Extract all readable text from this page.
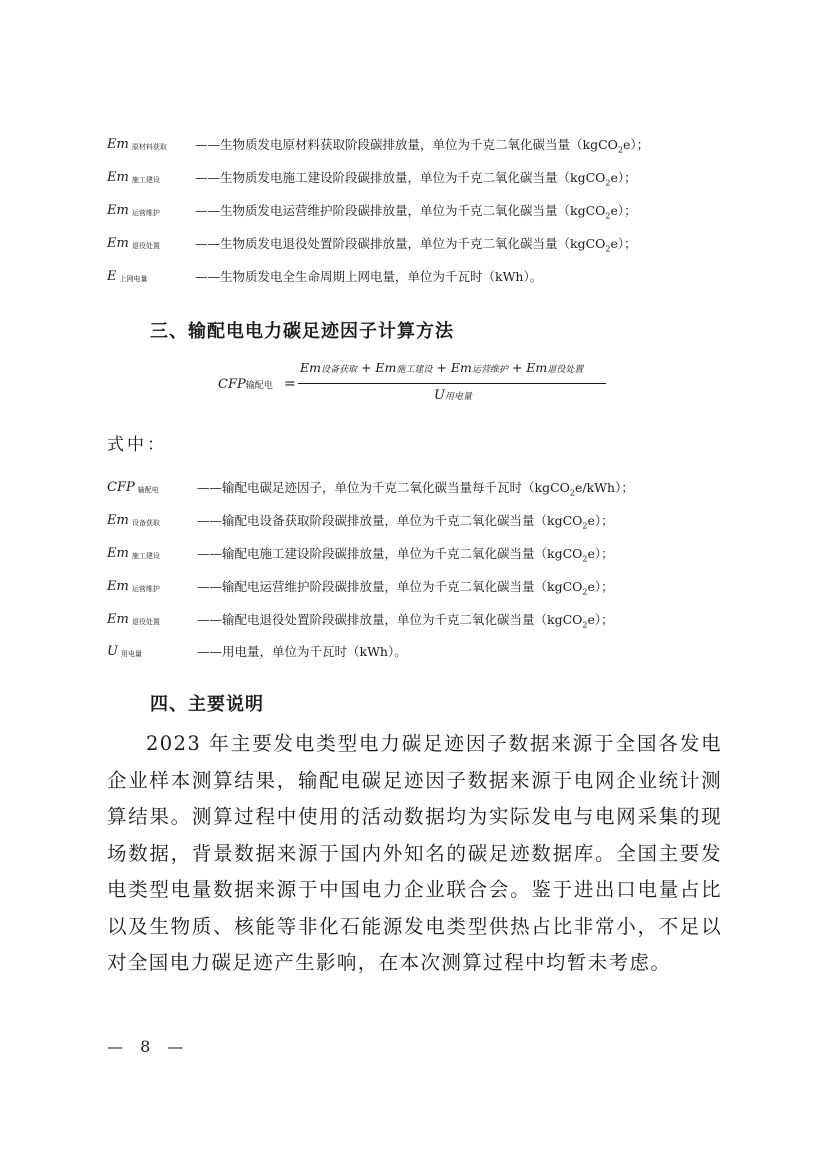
Em 原材料获取 ——生物质发电原材料获取阶段碳排放量，单位为千克二氧化碳当量（kgCO$_2$e）；
Em 施工建设	——生物质发电施工建设阶段碳排放量，单位为千克二氧化碳当量（kgCO$_2$e）；
Em 运营维护	——生物质发电运营维护阶段碳排放量，单位为千克二氧化碳当量（kgCO$_2$e）；
Em 退役处置	——生物质发电退役处置阶段碳排放量，单位为千克二氧化碳当量（kgCO$_2$e）；
E上网电量	——生物质发电全生命周期上网电量，单位为千瓦时（kWh）。
三、输配电电力碳足迹因子计算方法
CFP输配电 =
Em设备获取 + Em施工建设 + Em运营维护 + Em退役处置
U用电量
式中：
CFP 输配电	——输配电碳足迹因子，单位为千克二氧化碳当量每千瓦时（kgCO$_2$e/kWh）；
Em 设备获取	——输配电设备获取阶段碳排放量，单位为千克二氧化碳当量（kgCO$_2$e）；
Em 施工建设	——输配电施工建设阶段碳排放量，单位为千克二氧化碳当量（kgCO$_2$e）；
Em 运营维护	——输配电运营维护阶段碳排放量，单位为千克二氧化碳当量（kgCO$_2$e）；
Em 退役处置	——输配电退役处置阶段碳排放量，单位为千克二氧化碳当量（kgCO$_2$e）；
U用电量	——用电量，单位为千瓦时（kWh）。
四、主要说明
2023 年主要发电类型电力碳足迹因子数据来源于全国各发电企业样本测算结果，输配电碳足迹因子数据来源于电网企业统计测算结果。测算过程中使用的活动数据均为实际发电与电网采集的现场数据，背景数据来源于国内外知名的碳足迹数据库。全国主要发电类型电量数据来源于中国电力企业联合会。鉴于进出口电量占比以及生物质、核能等非化石能源发电类型供热占比非常小，不足以对全国电力碳足迹产生影响，在本次测算过程中均暂未考虑。
— 8 —
